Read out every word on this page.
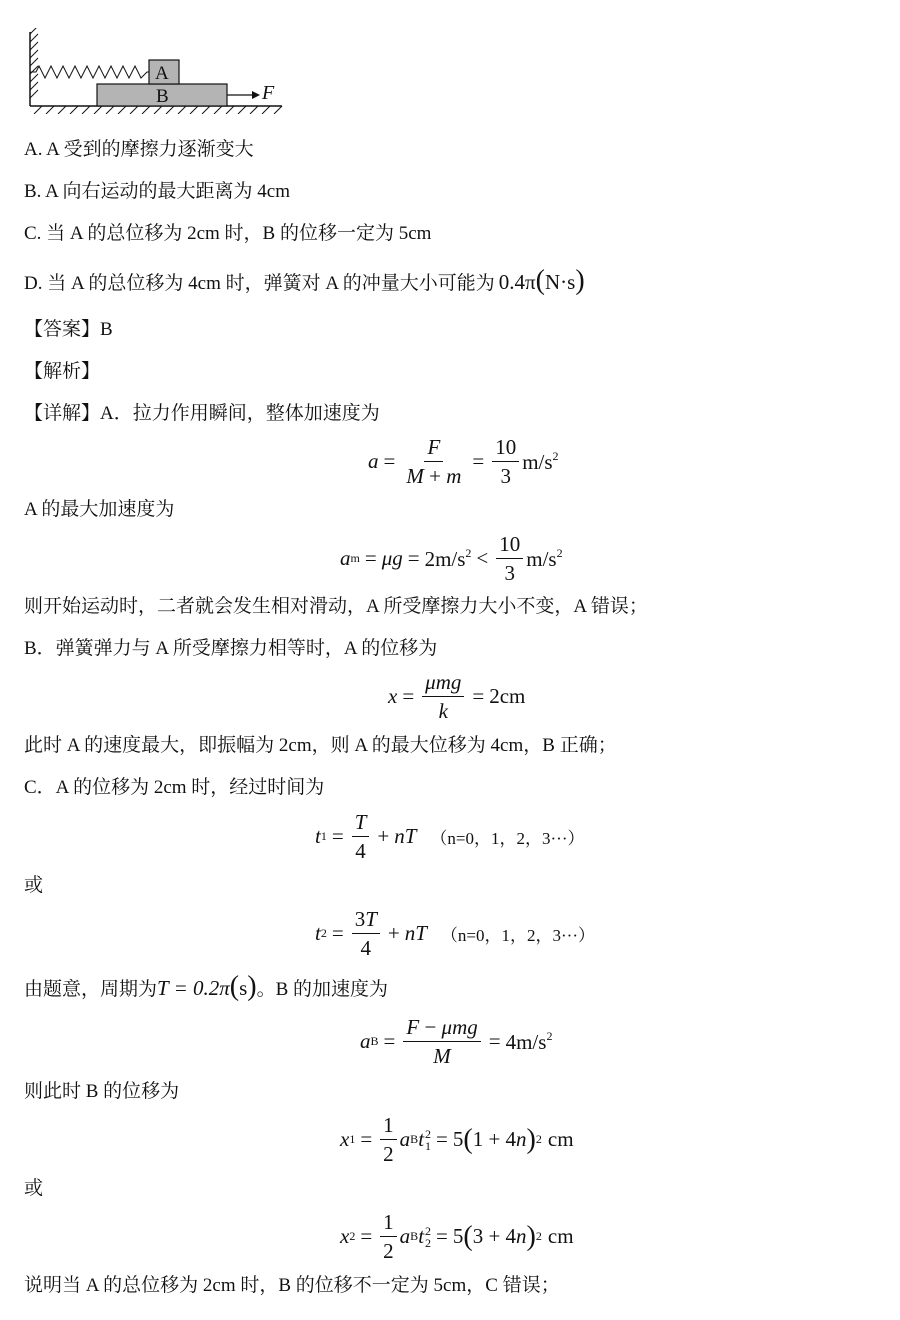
A
B	F
A. A 受到的摩擦力逐渐变大
B. A 向右运动的最大距离为 4cm
C. 当 A 的总位移为 2cm 时，B 的位移一定为 5cm
D. 当 A 的总位移为 4cm 时，弹簧对 A 的冲量大小可能为 0.4π(N·s)
【答案】B
【解析】
【详解】A．拉力作用瞬间，整体加速度为
$a = \frac{F}{M + m} = \frac{10}{3} m/s^2$
A 的最大加速度为
a $m = \mu g = 2m/s^2 < \frac{10}{3} m/s^2$
则开始运动时，二者就会发生相对滑动，A 所受摩擦力大小不变，A 错误；
B．弹簧弹力与 A 所受摩擦力相等时，A 的位移为
$x = \frac{\text{μmg}}{k} = 2cm$
此时 A 的速度最大，即振幅为 2cm，则 A 的最大位移为 4cm，B 正确；
C．A 的位移为 2cm 时，经过时间为
t $1 = \frac{T}{4}$ + nT （n=0，1，2，3···）
或
t $2 = \frac{3T}{4}$ + nT （n=0，1，2，3···）
由题意，周期为T = 0.2π(s)。B 的加速度为
a $B = \frac{\text{F − μmg}}{M} = 4m/s^2$
则此时 B 的位移为
x $1 = \frac{1}{2}$ a B t 2
1 = 5 ( 1 + 4n ) 2 cm
或
x $2 = \frac{1}{2}$ a B t 2
2 = 5 ( 3 + 4n ) 2 cm
说明当 A 的总位移为 2cm 时，B 的位移不一定为 5cm，C 错误；
